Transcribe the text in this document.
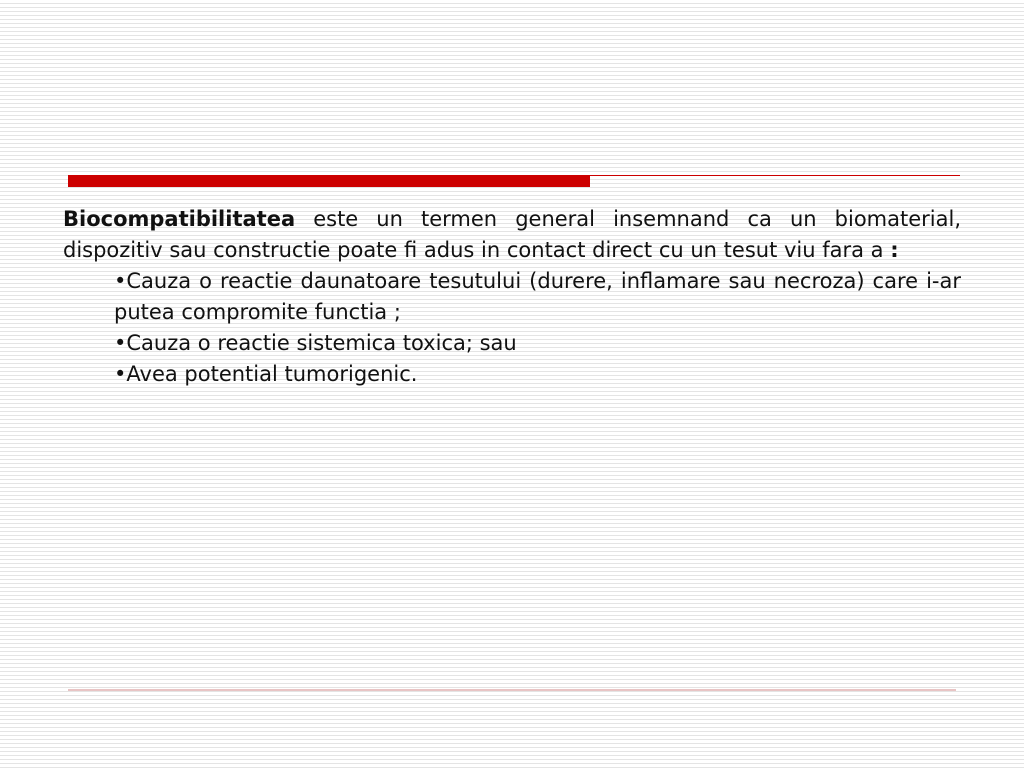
Biocompatibilitatea este un termen general insemnand ca un biomaterial, dispozitiv sau constructie poate fi adus in contact direct cu un tesut viu fara a :

•Cauza o reactie daunatoare tesutului (durere, inflamare sau necroza) care i-ar putea compromite functia ;
•Cauza o reactie sistemica toxica; sau
•Avea potential tumorigenic.
